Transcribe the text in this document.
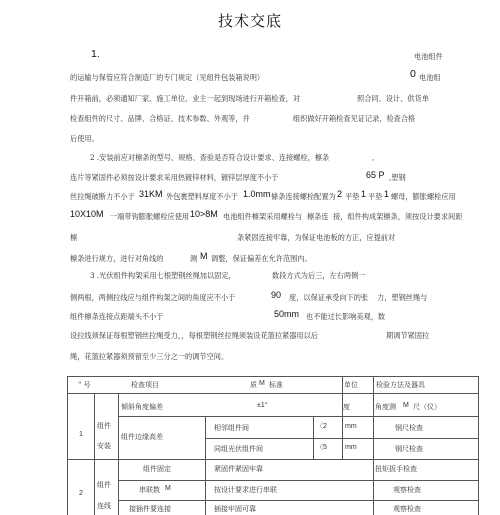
技术交底
1.	电池组件
的运输与保管应符合制造厂的专门规定（见组件包装箱说明）	0 电池组
件开箱前，必须通知厂家、施工单位、业主一起到现场进行开箱检查，对	照合同、设计、供货单
检查组件的尺寸、品牌、合格证、技术参数、外观等，并	组织做好开箱检查见证记录，检查合格
后使用。
2 .安装前应对檩条的型号、规格、查验是否符合设计要求、连接螺栓，檩条	,
连片等紧固件必须按设计要求采用热镀锌材料，镀锌层厚度不小于	65 P ,塑钢
丝拉绳破断力不小于 31KM 外包裹塑料厚度不小于 1.0mm 條条连接螺栓配置为 2 平垫 1 平垫 1 螺母，膨胀螺栓应用
10X10M 一端带钩膨胀螺栓应使用 10>8M 电池组件檩架采用螺栓与 檩条连 接，组件构成架檩条，须按设计要求间距
檩	条紧固连接牢靠，为保证电池板的方正，应提前对
檩条进行规方，进行对角线的	测 M 调整，保证偏差在允许范围内。
3 .光伏组件构架采用七根塑钢丝绳加以固定，	数段方式为后三，左右两侧一
侧两根，两侧拉线应与组件构架之间的角度应不小于	90 度，以保证承受向下的张 力，塑钢丝绳与
组件檩条连接点距端头不小于	50mm 也不能过长影响美观，数
设拉线须保证每根塑钢丝拉绳受力，，每根塑钢丝拉绳须装设花篮拉紧器用以后	期调节紧固拉
绳，花篮拉紧器须预留至少三分之一的调节空间。
" 号	检查项目	质 M 标准	单位	检验方法及器具
1
组件
安装
倾斜角度偏差	±1°	度	角度测 M 尺（仪）
组件边缘高差
相邻组件间	〈2	mm	钢尺检查
同组光伏组件间	〈5	mm	钢尺检查
组件固定	紧固件紧固牢靠	扭矩扳手检查
2
组件
连线
串联数 M	按设计要求进行串联	观察检查
接插件要连接	插接牢固可靠	观察检查
